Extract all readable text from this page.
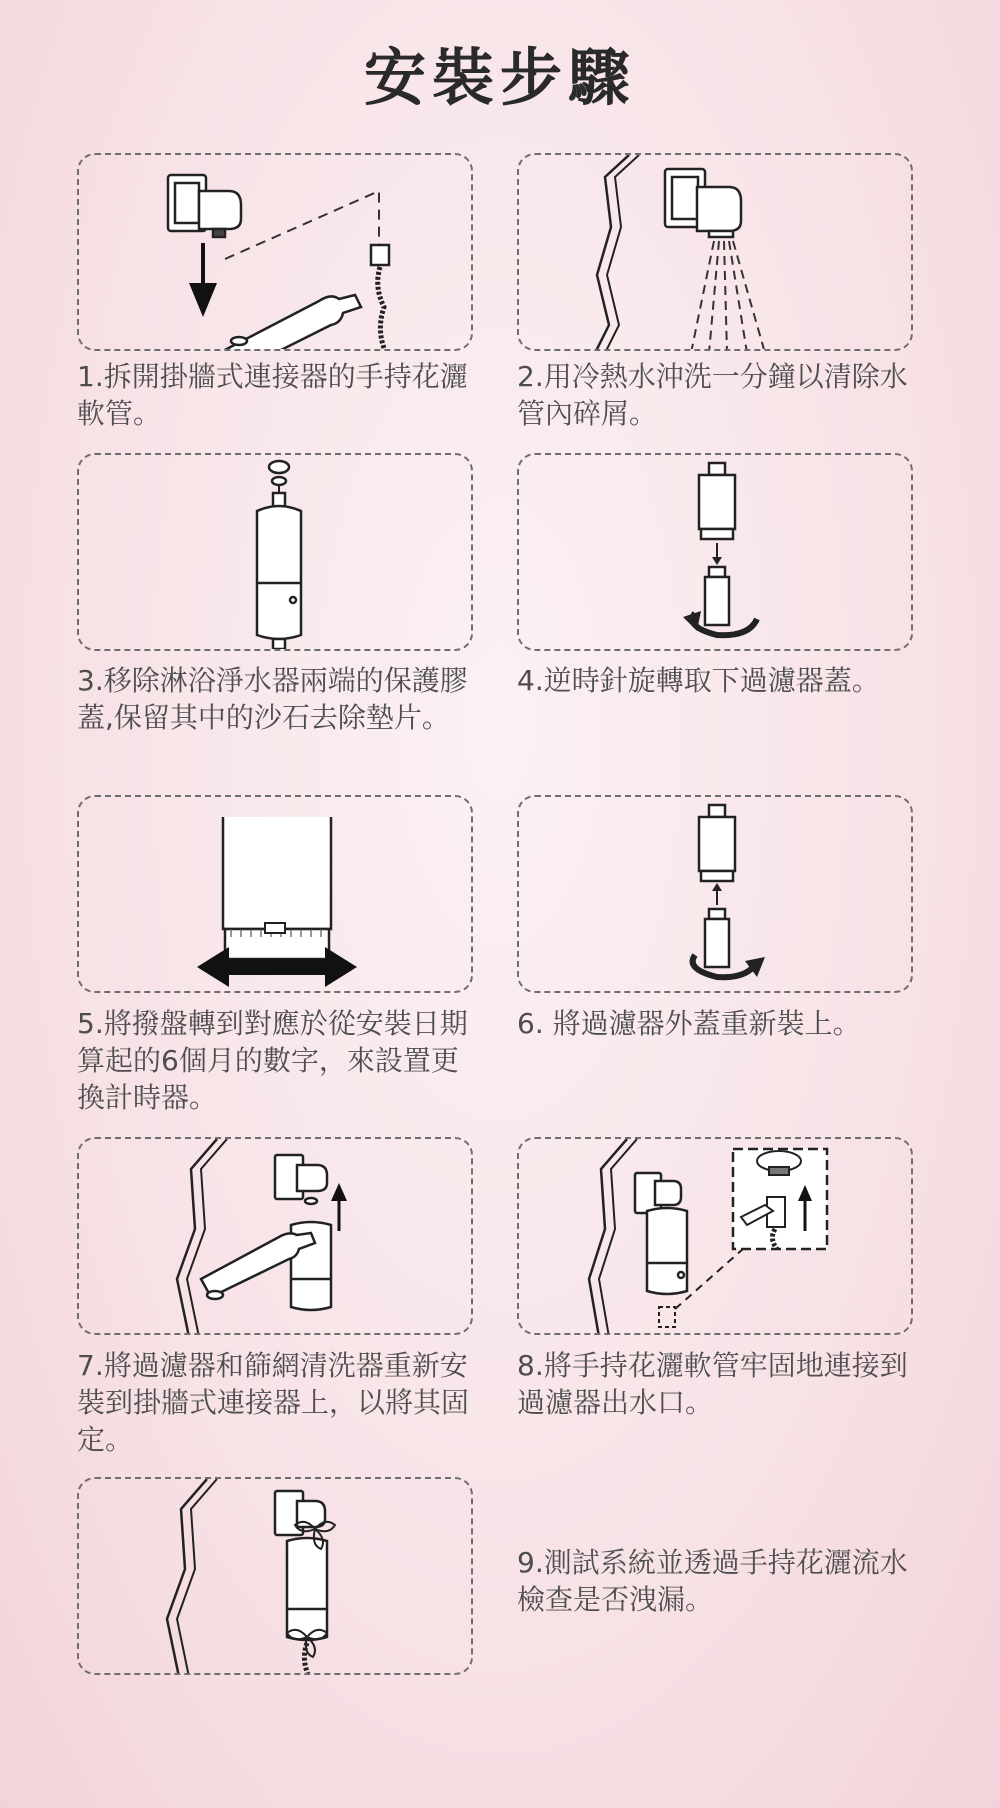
安裝步驟
1.拆開掛牆式連接器的手持花灑軟管。
2.用冷熱水沖洗一分鐘以清除水管內碎屑。
3.移除淋浴淨水器兩端的保護膠蓋,保留其中的沙石去除墊片。
4.逆時針旋轉取下過濾器蓋。
5.將撥盤轉到對應於從安裝日期算起的6個月的數字，來設置更換計時器。
6. 將過濾器外蓋重新裝上。
7.將過濾器和篩網清洗器重新安裝到掛牆式連接器上，以將其固定。
8.將手持花灑軟管牢固地連接到過濾器出水口。
9.測試系統並透過手持花灑流水檢查是否洩漏。
